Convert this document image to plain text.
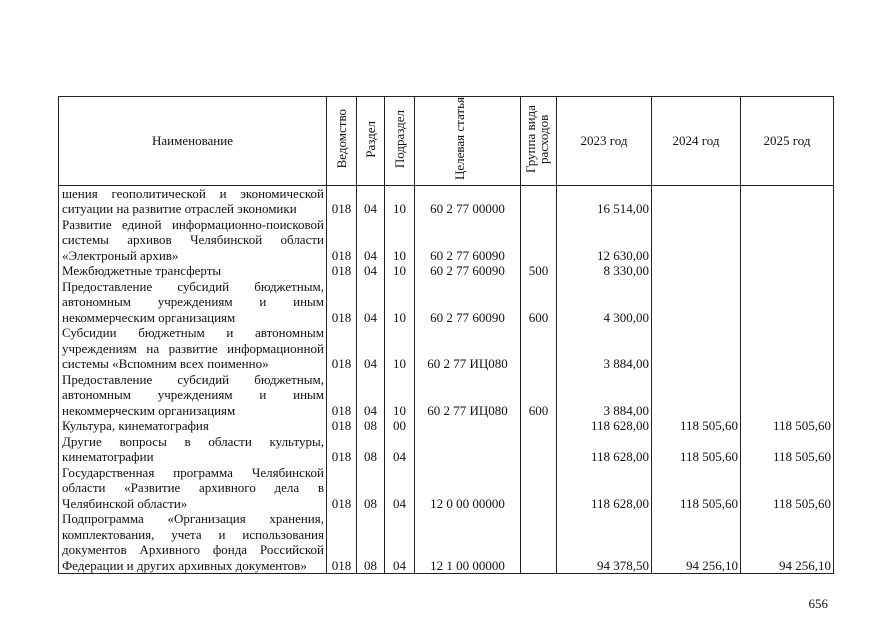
Наименование	Ведомство	Раздел	Подраздел	Целевая статья	Группа вида расходов	2023 год	2024 год	2025 год
шения геополитической и экономической ситуации на развитие отраслей экономики	018	04	10	60 2 77 00000		16 514,00		
Развитие единой информационно-поисковой системы архивов Челябинской области «Электроный архив»	018	04	10	60 2 77 60090		12 630,00		
Межбюджетные трансферты	018	04	10	60 2 77 60090	500	8 330,00		
Предоставление субсидий бюджетным, автономным учреждениям и иным некоммерческим организациям	018	04	10	60 2 77 60090	600	4 300,00		
Субсидии бюджетным и автономным учреждениям на развитие информационной системы «Вспомним всех поименно»	018	04	10	60 2 77 ИЦ080		3 884,00		
Предоставление субсидий бюджетным, автономным учреждениям и иным некоммерческим организациям	018	04	10	60 2 77 ИЦ080	600	3 884,00		
Культура, кинематография	018	08	00			118 628,00	118 505,60	118 505,60
Другие вопросы в области культуры, кинематографии	018	08	04			118 628,00	118 505,60	118 505,60
Государственная программа Челябинской области «Развитие архивного дела в Челябинской области»	018	08	04	12 0 00 00000		118 628,00	118 505,60	118 505,60
Подпрограмма «Организация хранения, комплектования, учета и использования документов Архивного фонда Российской Федерации и других архивных документов»	018	08	04	12 1 00 00000		94 378,50	94 256,10	94 256,10
656
